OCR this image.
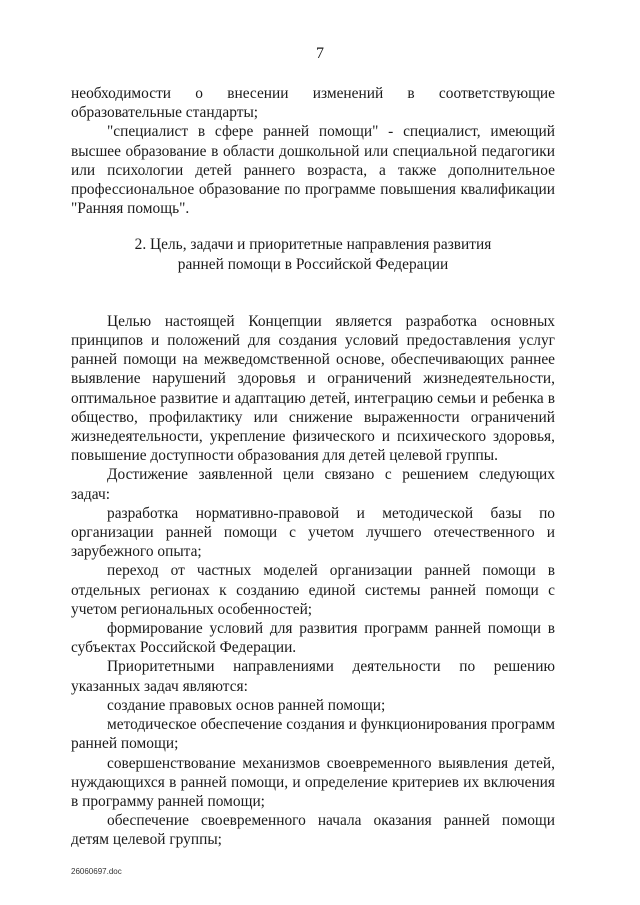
7

необходимости о внесении изменений в соответствующие образовательные стандарты;

"специалист в сфере ранней помощи" - специалист, имеющий высшее образование в области дошкольной или специальной педагогики или психологии детей раннего возраста, а также дополнительное профессиональное образование по программе повышения квалификации "Ранняя помощь".

2. Цель, задачи и приоритетные направления развития
ранней помощи в Российской Федерации

Целью настоящей Концепции является разработка основных принципов и положений для создания условий предоставления услуг ранней помощи на межведомственной основе, обеспечивающих раннее выявление нарушений здоровья и ограничений жизнедеятельности, оптимальное развитие и адаптацию детей, интеграцию семьи и ребенка в общество, профилактику или снижение выраженности ограничений жизнедеятельности, укрепление физического и психического здоровья, повышение доступности образования для детей целевой группы.

Достижение заявленной цели связано с решением следующих задач:

разработка нормативно-правовой и методической базы по организации ранней помощи с учетом лучшего отечественного и зарубежного опыта;

переход от частных моделей организации ранней помощи в отдельных регионах к созданию единой системы ранней помощи с учетом региональных особенностей;

формирование условий для развития программ ранней помощи в субъектах Российской Федерации.

Приоритетными направлениями деятельности по решению указанных задач являются:

создание правовых основ ранней помощи;

методическое обеспечение создания и функционирования программ ранней помощи;

совершенствование механизмов своевременного выявления детей, нуждающихся в ранней помощи, и определение критериев их включения в программу ранней помощи;

обеспечение своевременного начала оказания ранней помощи детям целевой группы;

26060697.doc
